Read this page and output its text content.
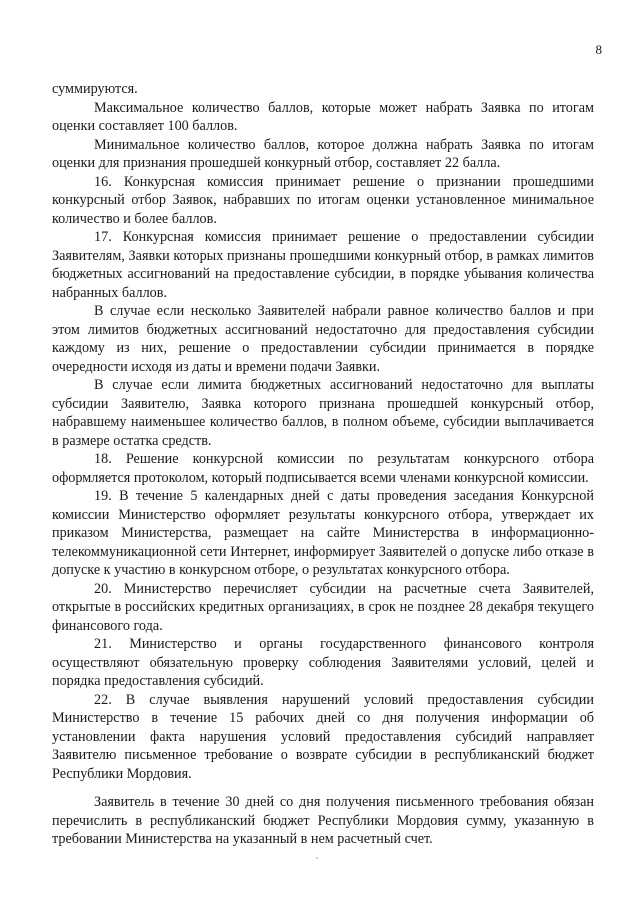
8

суммируются.

Максимальное количество баллов, которые может набрать Заявка по итогам оценки составляет 100 баллов.

Минимальное количество баллов, которое должна набрать Заявка по итогам оценки для признания прошедшей конкурный отбор, составляет 22 балла.

16. Конкурсная комиссия принимает решение о признании прошедшими конкурсный отбор Заявок, набравших по итогам оценки установленное минимальное количество и более баллов.

17. Конкурсная комиссия принимает решение о предоставлении субсидии Заявителям, Заявки которых признаны прошедшими конкурный отбор, в рамках лимитов бюджетных ассигнований на предоставление субсидии, в порядке убывания количества набранных баллов.

В случае если несколько Заявителей набрали равное количество баллов и при этом лимитов бюджетных ассигнований недостаточно для предоставления субсидии каждому из них, решение о предоставлении субсидии принимается в порядке очередности исходя из даты и времени подачи Заявки.

В случае если лимита бюджетных ассигнований недостаточно для выплаты субсидии Заявителю, Заявка которого признана прошедшей конкурсный отбор, набравшему наименьшее количество баллов, в полном объеме, субсидии выплачивается в размере остатка средств.

18. Решение конкурсной комиссии по результатам конкурсного отбора оформляется протоколом, который подписывается всеми членами конкурсной комиссии.

19. В течение 5 календарных дней с даты проведения заседания Конкурсной комиссии Министерство оформляет результаты конкурсного отбора, утверждает их приказом Министерства, размещает на сайте Министерства в информационно-телекоммуникационной сети Интернет, информирует Заявителей о допуске либо отказе в допуске к участию в конкурсном отборе, о результатах конкурсного отбора.

20. Министерство перечисляет субсидии на расчетные счета Заявителей, открытые в российских кредитных организациях, в срок не позднее 28 декабря текущего финансового года.

21. Министерство и органы государственного финансового контроля осуществляют обязательную проверку соблюдения Заявителями условий, целей и порядка предоставления субсидий.

22. В случае выявления нарушений условий предоставления субсидии Министерство в течение 15 рабочих дней со дня получения информации об установлении факта нарушения условий предоставления субсидий направляет Заявителю письменное требование о возврате субсидии в республиканский бюджет Республики Мордовия.

Заявитель в течение 30 дней со дня получения письменного требования обязан перечислить в республиканский бюджет Республики Мордовия сумму, указанную в требовании Министерства на указанный в нем расчетный счет.
